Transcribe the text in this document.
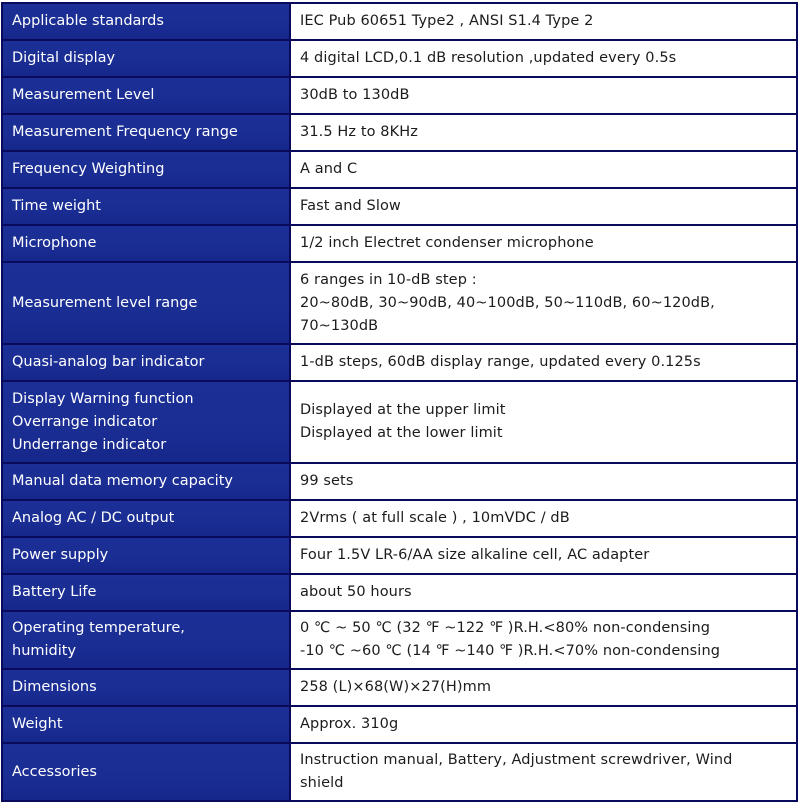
Applicable standards	IEC Pub 60651 Type2 , ANSI S1.4 Type 2

Digital display	4 digital LCD,0.1 dB resolution ,updated every 0.5s

Measurement Level	30dB to 130dB

Measurement Frequency range	31.5 Hz to 8KHz

Frequency Weighting	A and C

Time weight	Fast and Slow

Microphone	1/2 inch Electret condenser microphone

Measurement level range	6 ranges in 10-dB step :
20~80dB, 30~90dB, 40~100dB, 50~110dB, 60~120dB,
70~130dB

Quasi-analog bar indicator	1-dB steps, 60dB display range, updated every 0.125s

Display Warning function
Overrange indicator
Underrange indicator	Displayed at the upper limit
Displayed at the lower limit

Manual data memory capacity	99 sets

Analog AC / DC output	2Vrms ( at full scale ) , 10mVDC / dB

Power supply	Four 1.5V LR-6/AA size alkaline cell, AC adapter

Battery Life	about 50 hours

Operating temperature,
humidity	0 ℃ ~ 50 ℃ (32 ℉ ~122 ℉ )R.H.<80% non-condensing
-10 ℃ ~60 ℃ (14 ℉ ~140 ℉ )R.H.<70% non-condensing

Dimensions	258 (L)×68(W)×27(H)mm

Weight	Approx. 310g

Accessories	Instruction manual, Battery, Adjustment screwdriver, Wind
shield
